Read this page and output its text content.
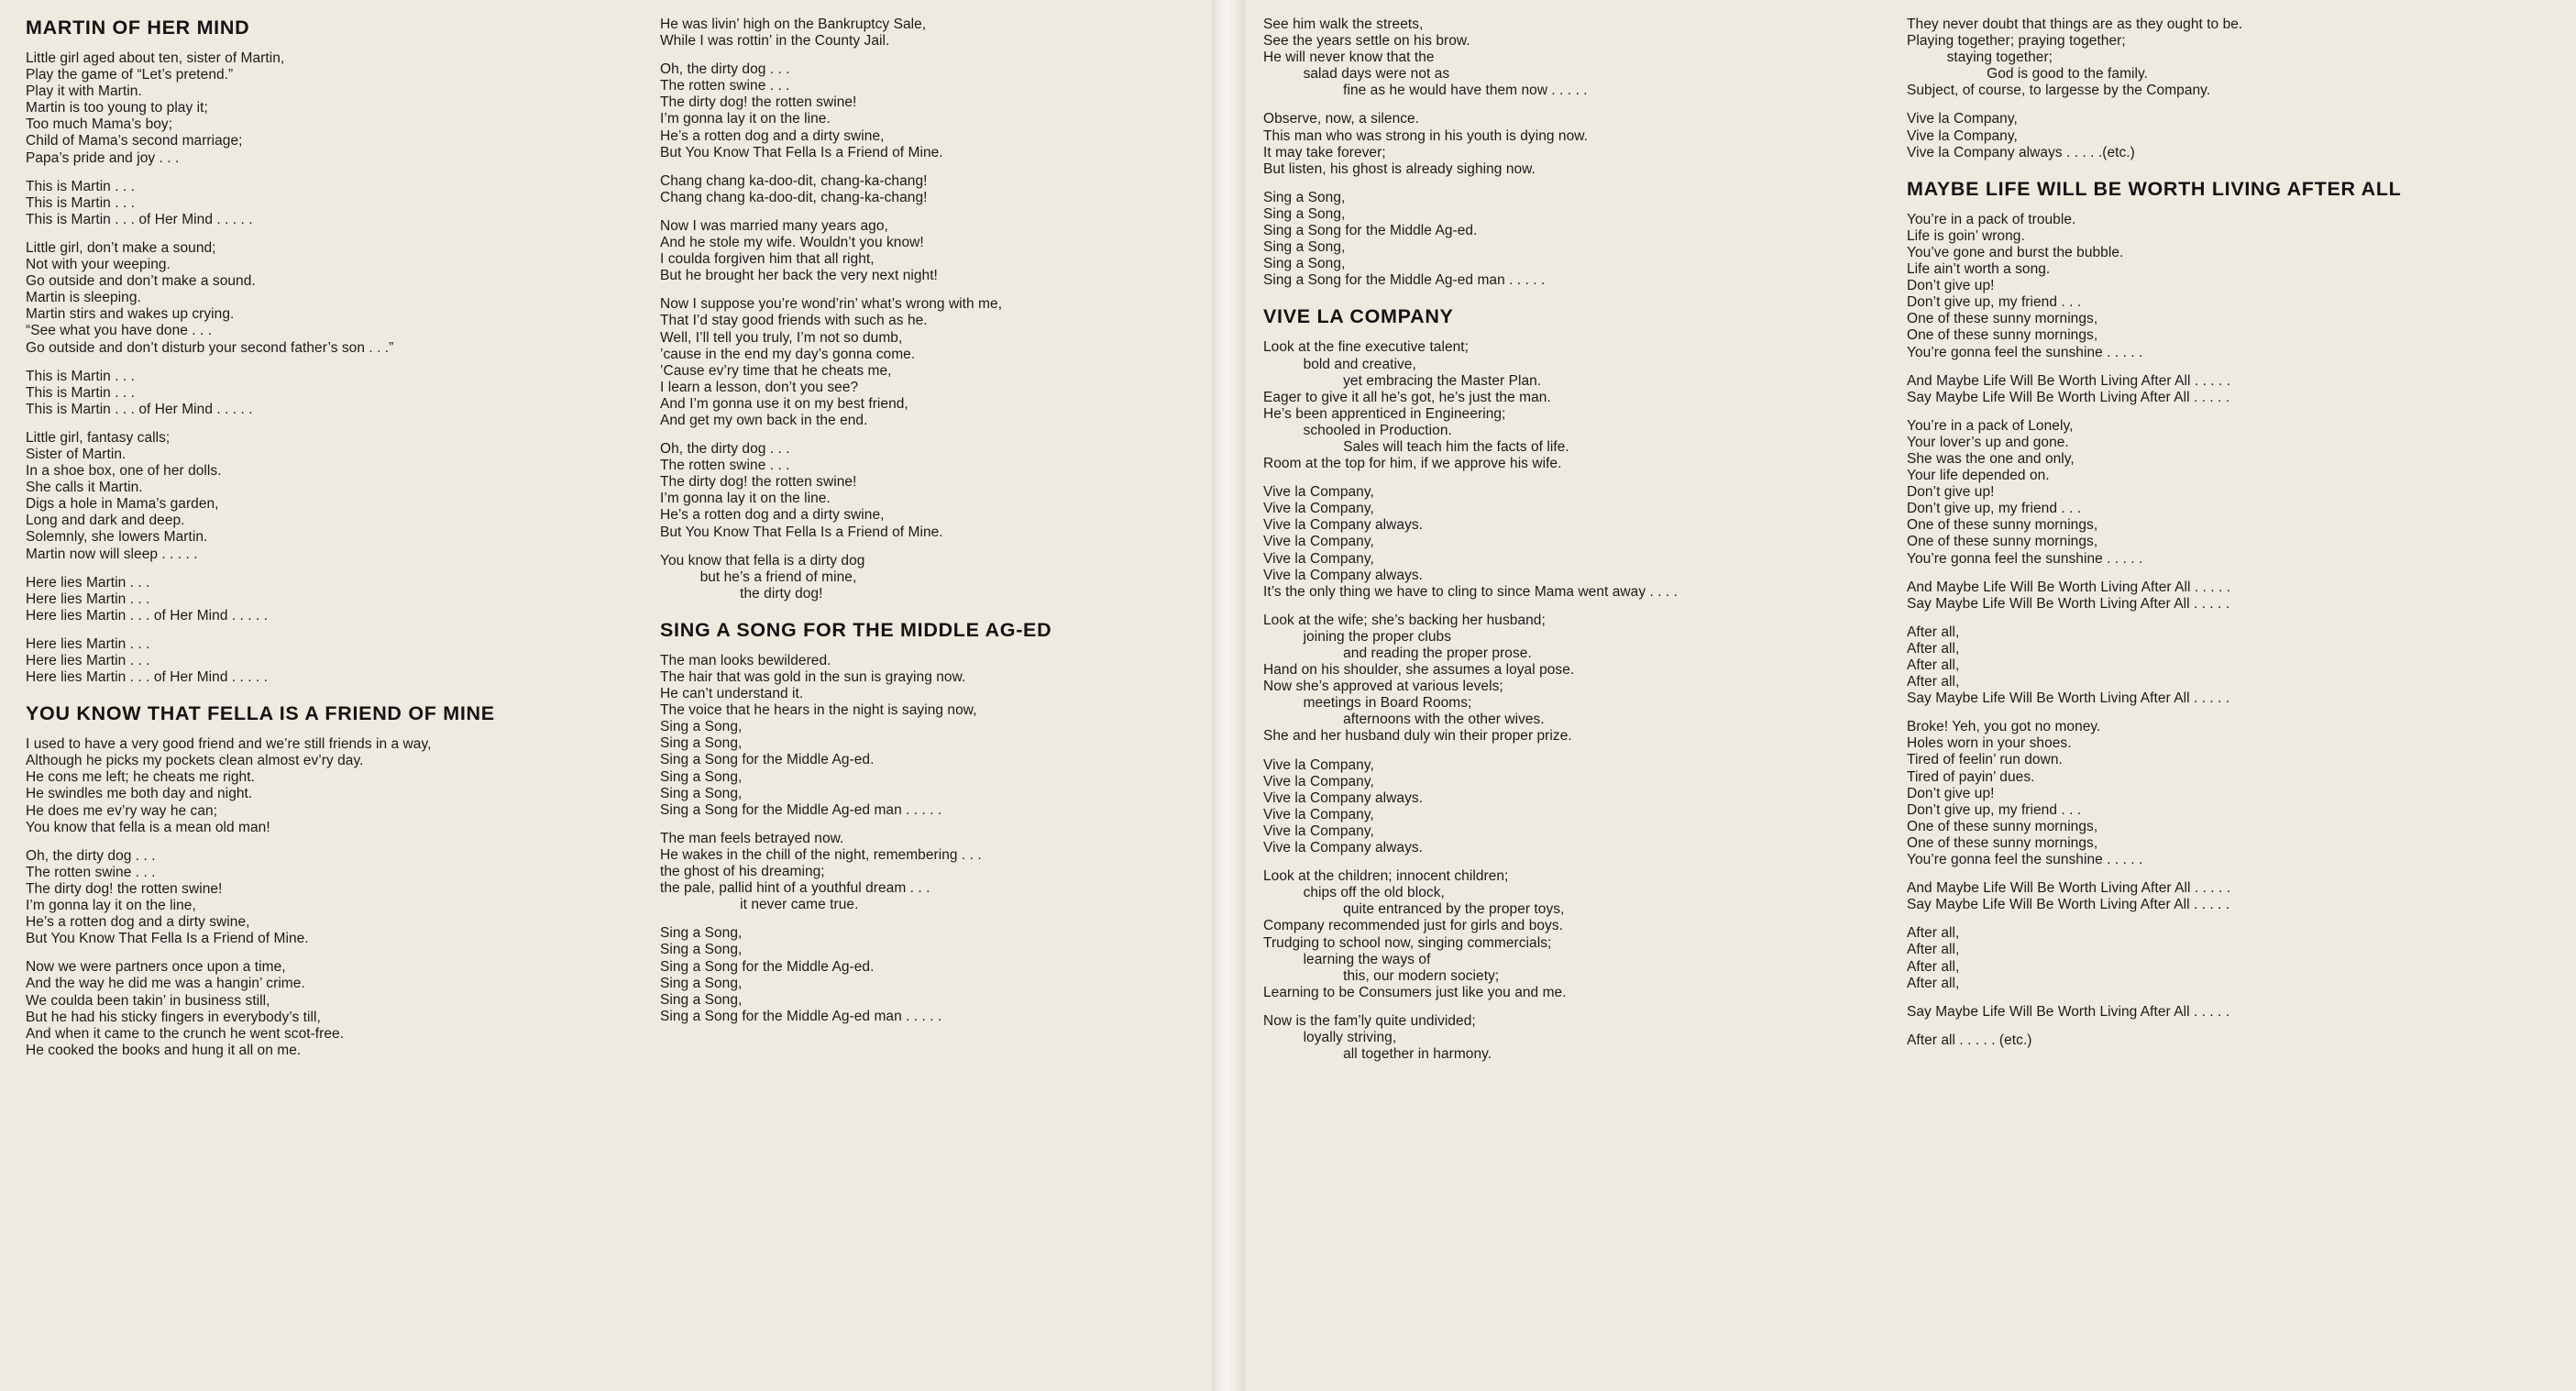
MARTIN OF HER MIND
Little girl aged about ten, sister of Martin,
Play the game of “Let’s pretend.”
Play it with Martin.
Martin is too young to play it;
Too much Mama’s boy;
Child of Mama’s second marriage;
Papa’s pride and joy . . .
This is Martin . . .
This is Martin . . .
This is Martin . . . of Her Mind . . . . .
Little girl, don’t make a sound;
Not with your weeping.
Go outside and don’t make a sound.
Martin is sleeping.
Martin stirs and wakes up crying.
“See what you have done . . .
Go outside and don’t disturb your second father’s son . . .”
This is Martin . . .
This is Martin . . .
This is Martin . . . of Her Mind . . . . .
Little girl, fantasy calls;
Sister of Martin.
In a shoe box, one of her dolls.
She calls it Martin.
Digs a hole in Mama’s garden,
Long and dark and deep.
Solemnly, she lowers Martin.
Martin now will sleep . . . . .
Here lies Martin . . .
Here lies Martin . . .
Here lies Martin . . . of Her Mind . . . . .
Here lies Martin . . .
Here lies Martin . . .
Here lies Martin . . . of Her Mind . . . . .
YOU KNOW THAT FELLA IS A FRIEND OF MINE
I used to have a very good friend and we’re still friends in a way,
Although he picks my pockets clean almost ev’ry day.
He cons me left; he cheats me right.
He swindles me both day and night.
He does me ev’ry way he can;
You know that fella is a mean old man!
Oh, the dirty dog . . .
The rotten swine . . .
The dirty dog! the rotten swine!
I’m gonna lay it on the line,
He’s a rotten dog and a dirty swine,
But You Know That Fella Is a Friend of Mine.
Now we were partners once upon a time,
And the way he did me was a hangin’ crime.
We coulda been takin’ in business still,
But he had his sticky fingers in everybody’s till,
And when it came to the crunch he went scot-free.
He cooked the books and hung it all on me.
He was livin’ high on the Bankruptcy Sale,
While I was rottin’ in the County Jail.
Oh, the dirty dog . . .
The rotten swine . . .
The dirty dog! the rotten swine!
I’m gonna lay it on the line.
He’s a rotten dog and a dirty swine,
But You Know That Fella Is a Friend of Mine.
Chang chang ka-doo-dit, chang-ka-chang!
Chang chang ka-doo-dit, chang-ka-chang!
Now I was married many years ago,
And he stole my wife. Wouldn’t you know!
I coulda forgiven him that all right,
But he brought her back the very next night!
Now I suppose you’re wond’rin’ what’s wrong with me,
That I’d stay good friends with such as he.
Well, I’ll tell you truly, I’m not so dumb,
’cause in the end my day’s gonna come.
’Cause ev’ry time that he cheats me,
I learn a lesson, don’t you see?
And I’m gonna use it on my best friend,
And get my own back in the end.
Oh, the dirty dog . . .
The rotten swine . . .
The dirty dog! the rotten swine!
I’m gonna lay it on the line.
He’s a rotten dog and a dirty swine,
But You Know That Fella Is a Friend of Mine.
You know that fella is a dirty dog
but he’s a friend of mine,
the dirty dog!
SING A SONG FOR THE MIDDLE AG-ED
The man looks bewildered.
The hair that was gold in the sun is graying now.
He can’t understand it.
The voice that he hears in the night is saying now,
Sing a Song,
Sing a Song,
Sing a Song for the Middle Ag-ed.
Sing a Song,
Sing a Song,
Sing a Song for the Middle Ag-ed man . . . . .
The man feels betrayed now.
He wakes in the chill of the night, remembering . . .
the ghost of his dreaming;
the pale, pallid hint of a youthful dream . . .
it never came true.
Sing a Song,
Sing a Song,
Sing a Song for the Middle Ag-ed.
Sing a Song,
Sing a Song,
Sing a Song for the Middle Ag-ed man . . . . .
See him walk the streets,
See the years settle on his brow.
He will never know that the
salad days were not as
fine as he would have them now . . . . .
Observe, now, a silence.
This man who was strong in his youth is dying now.
It may take forever;
But listen, his ghost is already sighing now.
Sing a Song,
Sing a Song,
Sing a Song for the Middle Ag-ed.
Sing a Song,
Sing a Song,
Sing a Song for the Middle Ag-ed man . . . . .
VIVE LA COMPANY
Look at the fine executive talent;
bold and creative,
yet embracing the Master Plan.
Eager to give it all he’s got, he’s just the man.
He’s been apprenticed in Engineering;
schooled in Production.
Sales will teach him the facts of life.
Room at the top for him, if we approve his wife.
Vive la Company,
Vive la Company,
Vive la Company always.
Vive la Company,
Vive la Company,
Vive la Company always.
It’s the only thing we have to cling to since Mama went away . . . .
Look at the wife; she’s backing her husband;
joining the proper clubs
and reading the proper prose.
Hand on his shoulder, she assumes a loyal pose.
Now she’s approved at various levels;
meetings in Board Rooms;
afternoons with the other wives.
She and her husband duly win their proper prize.
Vive la Company,
Vive la Company,
Vive la Company always.
Vive la Company,
Vive la Company,
Vive la Company always.
Look at the children; innocent children;
chips off the old block,
quite entranced by the proper toys,
Company recommended just for girls and boys.
Trudging to school now, singing commercials;
learning the ways of
this, our modern society;
Learning to be Consumers just like you and me.
Now is the fam’ly quite undivided;
loyally striving,
all together in harmony.
They never doubt that things are as they ought to be.
Playing together; praying together;
staying together;
God is good to the family.
Subject, of course, to largesse by the Company.
Vive la Company,
Vive la Company,
Vive la Company always . . . . .(etc.)
MAYBE LIFE WILL BE WORTH LIVING AFTER ALL
You’re in a pack of trouble.
Life is goin’ wrong.
You’ve gone and burst the bubble.
Life ain’t worth a song.
Don’t give up!
Don’t give up, my friend . . .
One of these sunny mornings,
One of these sunny mornings,
You’re gonna feel the sunshine . . . . .
And Maybe Life Will Be Worth Living After All . . . . .
Say Maybe Life Will Be Worth Living After All . . . . .
You’re in a pack of Lonely,
Your lover’s up and gone.
She was the one and only,
Your life depended on.
Don’t give up!
Don’t give up, my friend . . .
One of these sunny mornings,
One of these sunny mornings,
You’re gonna feel the sunshine . . . . .
And Maybe Life Will Be Worth Living After All . . . . .
Say Maybe Life Will Be Worth Living After All . . . . .
After all,
After all,
After all,
After all,
Say Maybe Life Will Be Worth Living After All . . . . .
Broke! Yeh, you got no money.
Holes worn in your shoes.
Tired of feelin’ run down.
Tired of payin’ dues.
Don’t give up!
Don’t give up, my friend . . .
One of these sunny mornings,
One of these sunny mornings,
You’re gonna feel the sunshine . . . . .
And Maybe Life Will Be Worth Living After All . . . . .
Say Maybe Life Will Be Worth Living After All . . . . .
After all,
After all,
After all,
After all,
Say Maybe Life Will Be Worth Living After All . . . . .
After all . . . . . (etc.)
